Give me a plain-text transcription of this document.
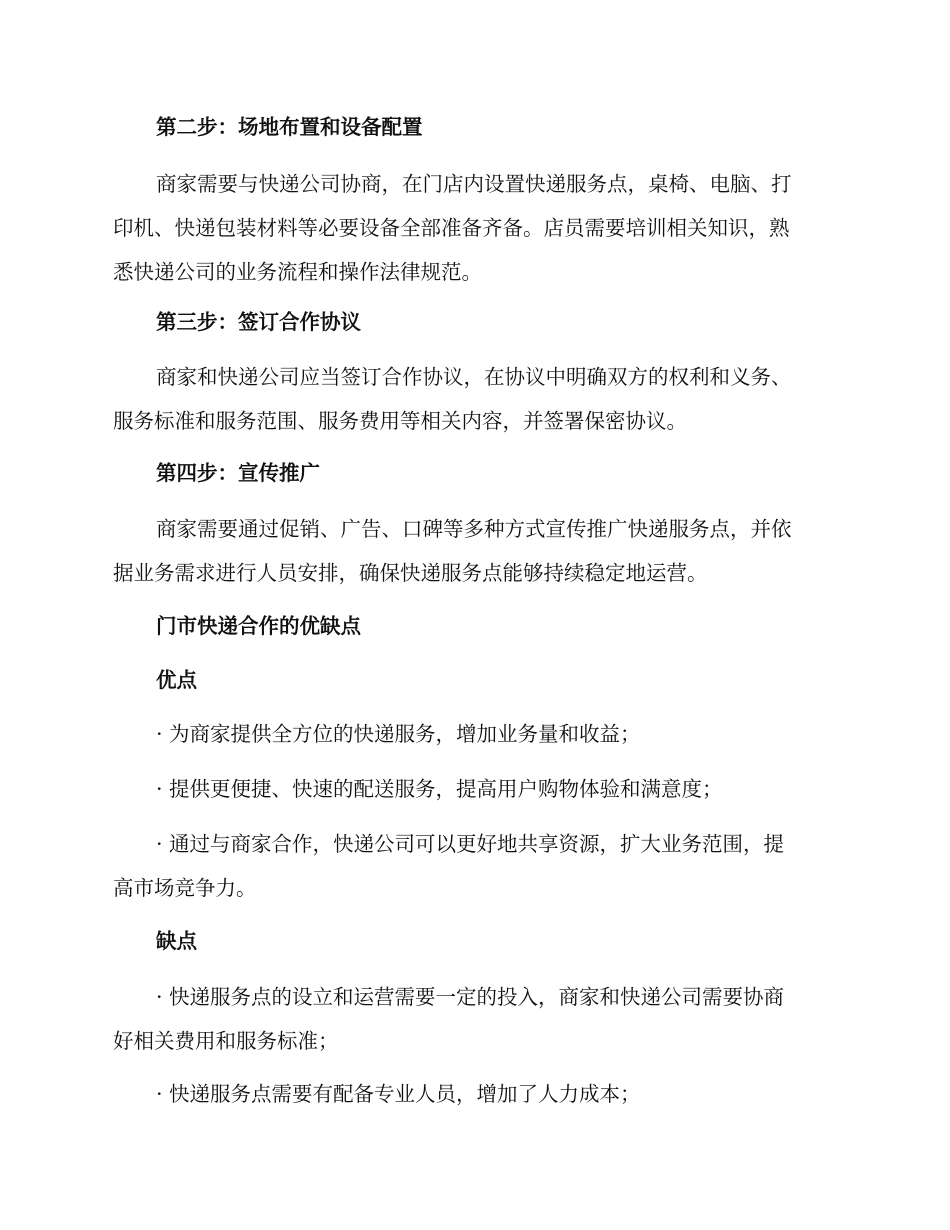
第二步：场地布置和设备配置
商家需要与快递公司协商，在门店内设置快递服务点，桌椅、电脑、打
印机、快递包装材料等必要设备全部准备齐备。店员需要培训相关知识，熟
悉快递公司的业务流程和操作法律规范。
第三步：签订合作协议
商家和快递公司应当签订合作协议，在协议中明确双方的权利和义务、
服务标准和服务范围、服务费用等相关内容，并签署保密协议。
第四步：宣传推广
商家需要通过促销、广告、口碑等多种方式宣传推广快递服务点，并依
据业务需求进行人员安排，确保快递服务点能够持续稳定地运营。
门市快递合作的优缺点
优点
· 为商家提供全方位的快递服务，增加业务量和收益；
· 提供更便捷、快速的配送服务，提高用户购物体验和满意度；
· 通过与商家合作，快递公司可以更好地共享资源，扩大业务范围，提
高市场竞争力。
缺点
· 快递服务点的设立和运营需要一定的投入，商家和快递公司需要协商
好相关费用和服务标准；
· 快递服务点需要有配备专业人员，增加了人力成本；
